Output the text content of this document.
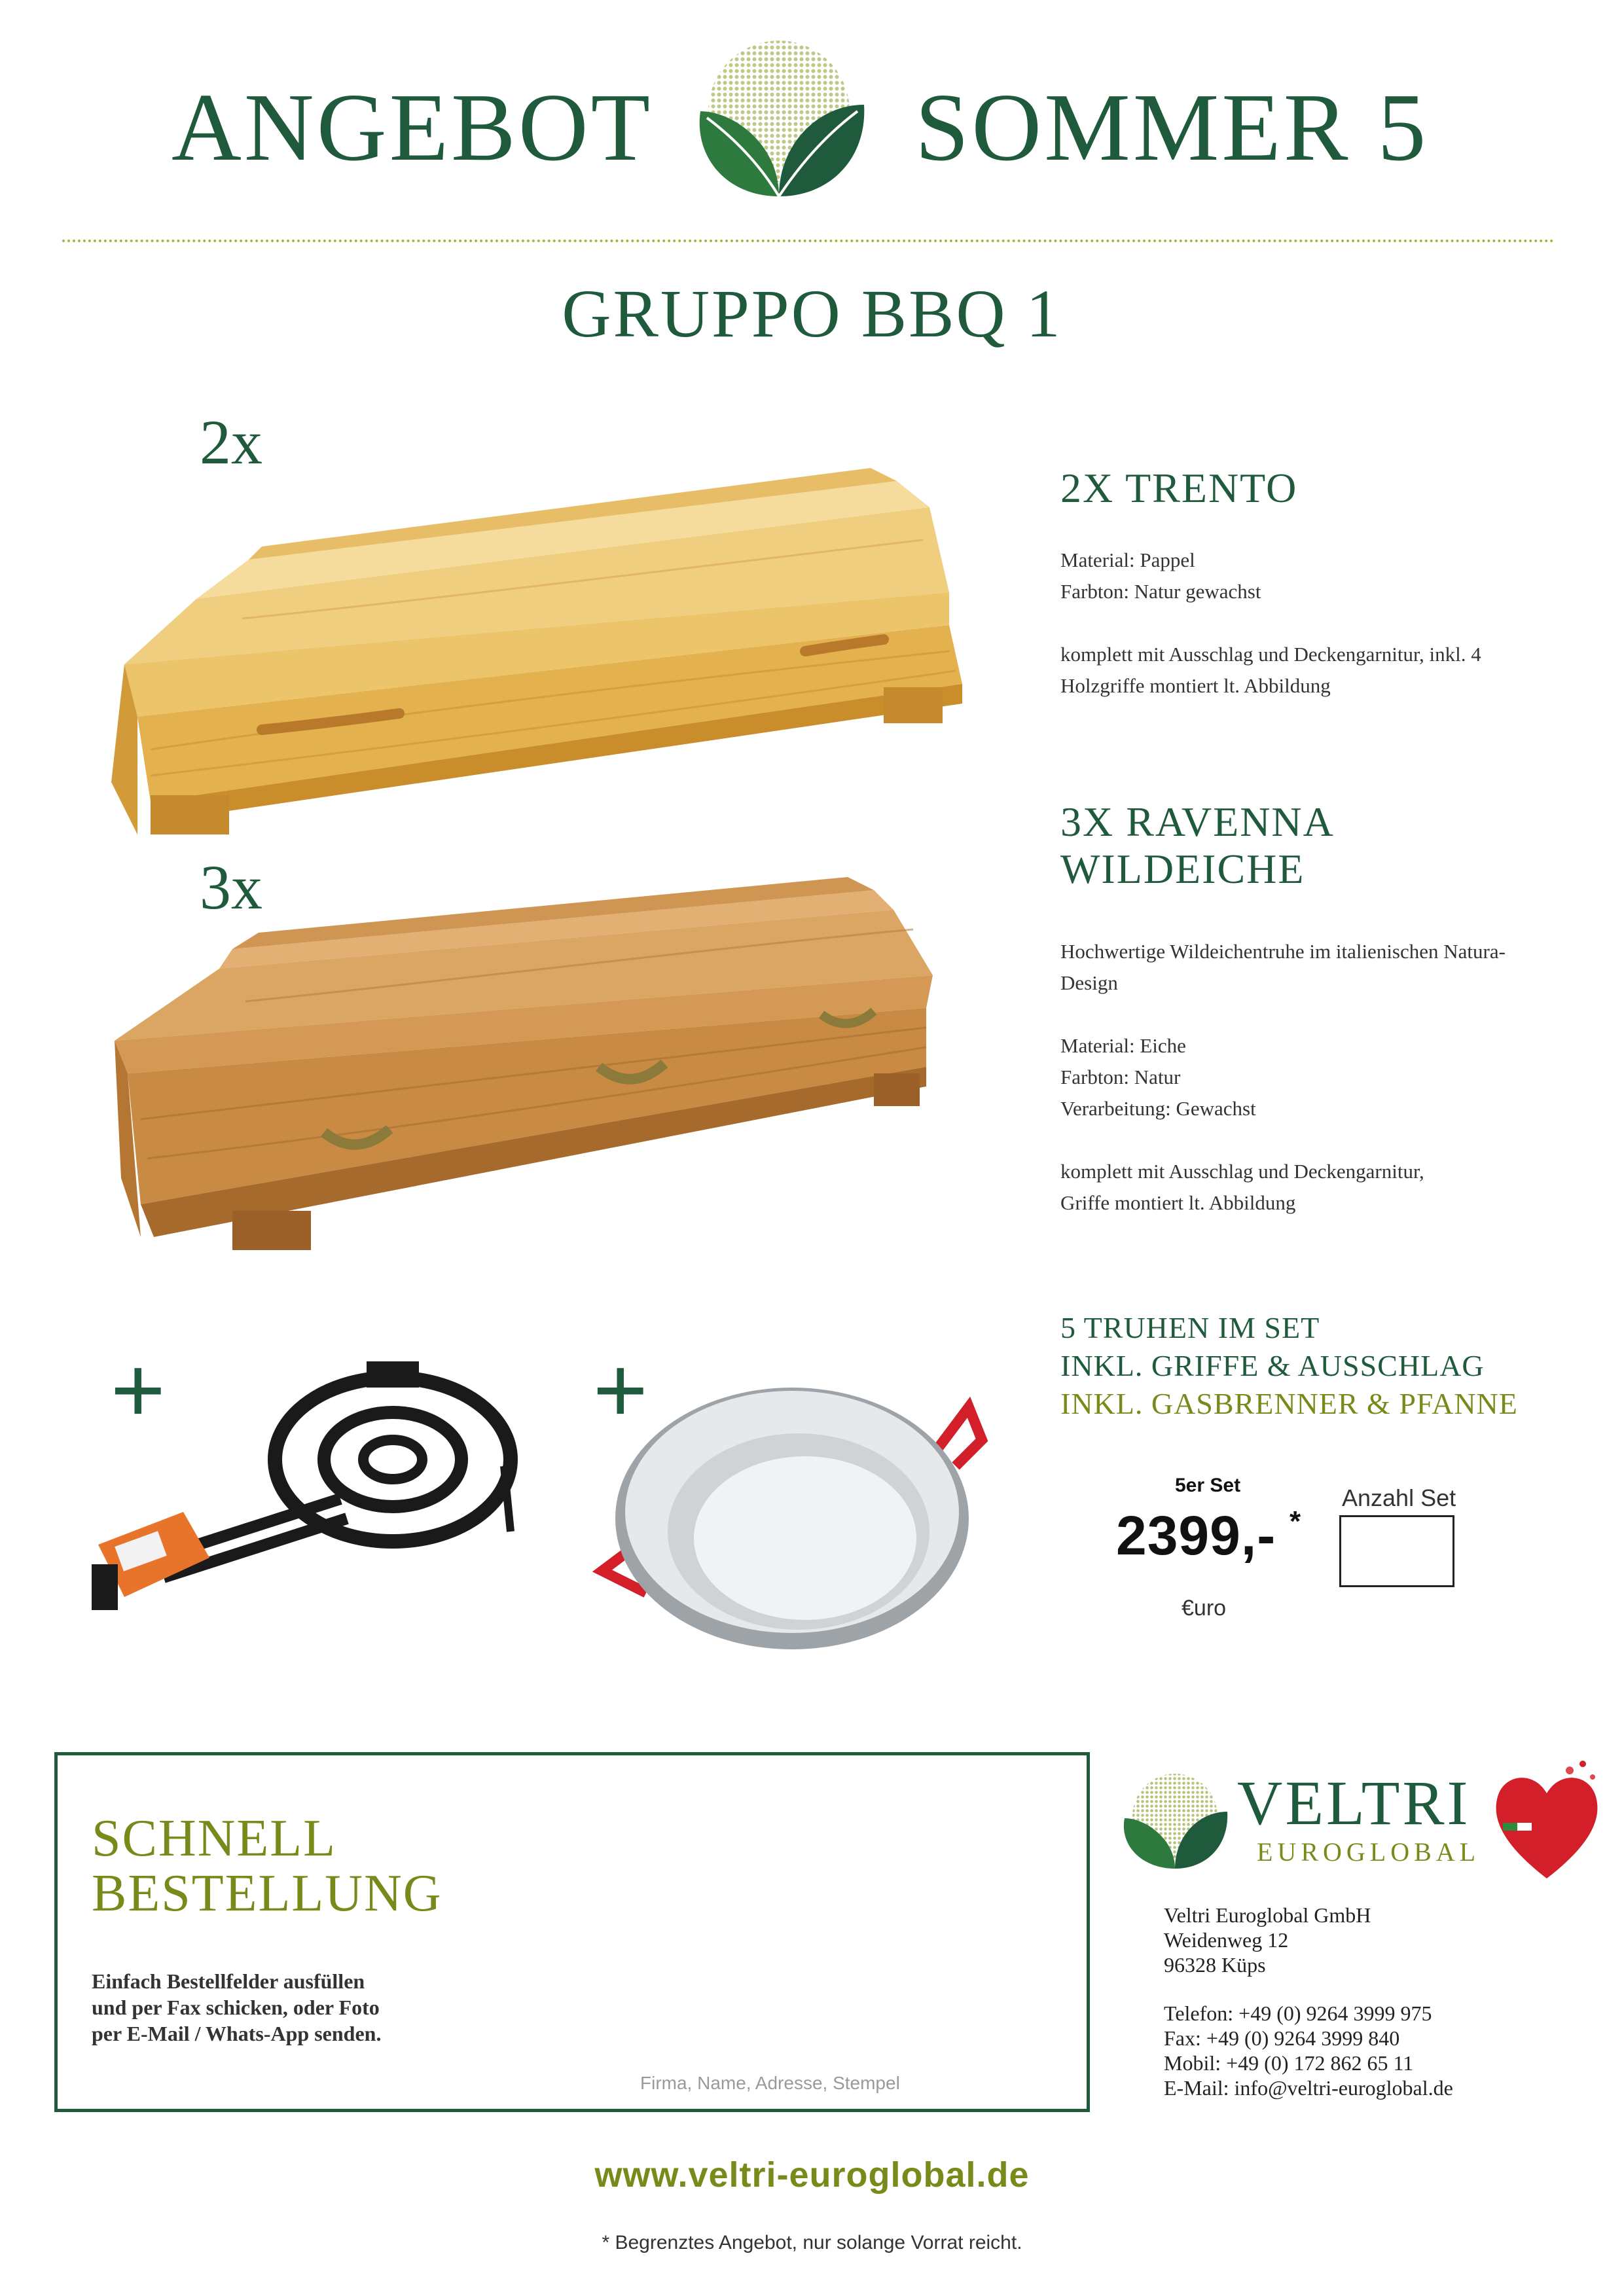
ANGEBOT	SOMMER 5
GRUPPO BBQ 1
2x
2X TRENTO
Material: Pappel
Farbton: Natur gewachst
komplett mit Ausschlag und Deckengarnitur, inkl. 4
Holzgriffe montiert lt. Abbildung
3x
3X RAVENNA
WILDEICHE
Hochwertige Wildeichentruhe im italienischen Natura-
Design
Material: Eiche
Farbton: Natur
Verarbeitung: Gewachst
komplett mit Ausschlag und Deckengarnitur,
Griffe montiert lt. Abbildung
+	+
5 TRUHEN IM SET
INKL. GRIFFE & AUSSCHLAG
INKL. GASBRENNER & PFANNE
5er Set
2399,- *
€uro
Anzahl Set
SCHNELL
BESTELLUNG
Einfach Bestellfelder ausfüllen
und per Fax schicken, oder Foto
per E-Mail / Whats-App senden.
Firma, Name, Adresse, Stempel
VELTRI
EUROGLOBAL
Veltri Euroglobal GmbH
Weidenweg 12
96328 Küps
Telefon: +49 (0) 9264 3999 975
Fax: +49 (0) 9264 3999 840
Mobil: +49 (0) 172 862 65 11
E-Mail: info@veltri-euroglobal.de
www.veltri-euroglobal.de
* Begrenztes Angebot, nur solange Vorrat reicht.
